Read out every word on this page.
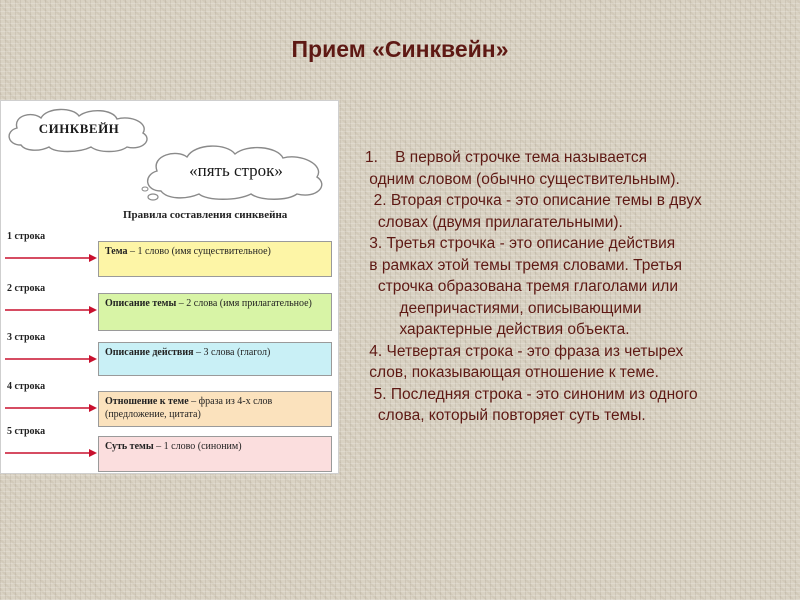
Прием «Синквейн»
СИНКВЕЙН
«пять строк»
Правила составления синквейна
1 строка
Тема – 1 слово (имя существительное)
2 строка
Описание темы – 2 слова (имя прилагательное)
3 строка
Описание действия – 3 слова (глагол)
4 строка
Отношение к теме – фраза из 4-х слов (предложение, цитата)
5 строка
Суть темы – 1 слово (синоним)
1.    В первой строчке тема называется
одним словом (обычно существительным).
2. Вторая строчка - это описание темы в двух
словах (двумя прилагательными).
3. Третья строчка - это описание действия
в рамках этой темы тремя словами. Третья
строчка образована тремя глаголами или
деепричастиями, описывающими
характерные действия объекта.
4. Четвертая строка - это фраза из четырех
слов, показывающая отношение к теме.
5. Последняя строка - это синоним из одного
слова, который повторяет суть темы.
